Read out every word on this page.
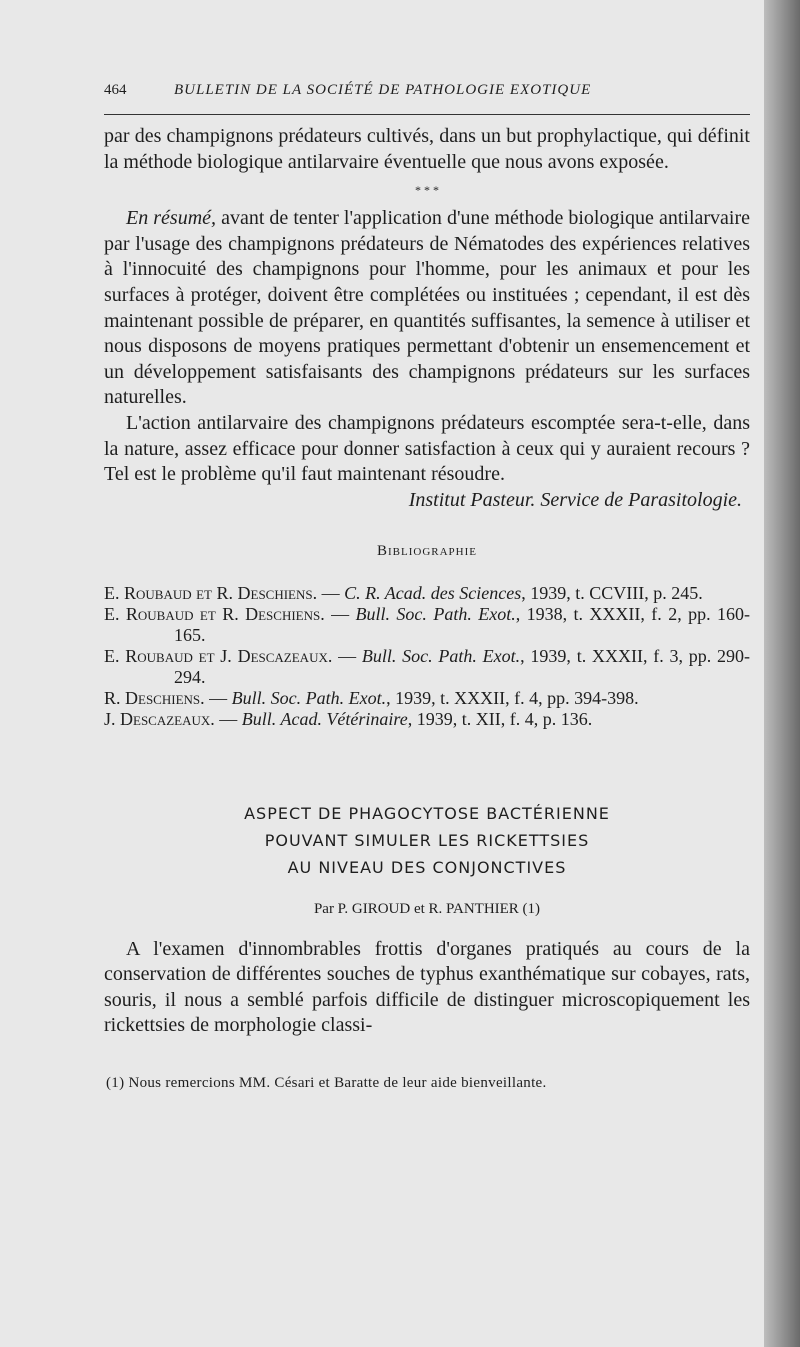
464	BULLETIN DE LA SOCIÉTÉ DE PATHOLOGIE EXOTIQUE

par des champignons prédateurs cultivés, dans un but prophylactique, qui définit la méthode biologique antilarvaire éventuelle que nous avons exposée.

* * *

En résumé, avant de tenter l'application d'une méthode biologique antilarvaire par l'usage des champignons prédateurs de Nématodes des expériences relatives à l'innocuité des champignons pour l'homme, pour les animaux et pour les surfaces à protéger, doivent être complétées ou instituées ; cependant, il est dès maintenant possible de préparer, en quantités suffisantes, la semence à utiliser et nous disposons de moyens pratiques permettant d'obtenir un ensemencement et un développement satisfaisants des champignons prédateurs sur les surfaces naturelles.

L'action antilarvaire des champignons prédateurs escomptée sera-t-elle, dans la nature, assez efficace pour donner satisfaction à ceux qui y auraient recours ? Tel est le problème qu'il faut maintenant résoudre.

Institut Pasteur. Service de Parasitologie.

Bibliographie

E. Roubaud et R. Deschiens. — C. R. Acad. des Sciences, 1939, t. CCVIII, p. 245.

E. Roubaud et R. Deschiens. — Bull. Soc. Path. Exot., 1938, t. XXXII, f. 2, pp. 160-165.

E. Roubaud et J. Descazeaux. — Bull. Soc. Path. Exot., 1939, t. XXXII, f. 3, pp. 290-294.

R. Deschiens. — Bull. Soc. Path. Exot., 1939, t. XXXII, f. 4, pp. 394-398.

J. Descazeaux. — Bull. Acad. Vétérinaire, 1939, t. XII, f. 4, p. 136.

ASPECT DE PHAGOCYTOSE BACTÉRIENNE
POUVANT SIMULER LES RICKETTSIES
AU NIVEAU DES CONJONCTIVES
Par P. GIROUD et R. PANTHIER (1)

A l'examen d'innombrables frottis d'organes pratiqués au cours de la conservation de différentes souches de typhus exanthématique sur cobayes, rats, souris, il nous a semblé parfois difficile de distinguer microscopiquement les rickettsies de morphologie classi-

(1) Nous remercions MM. Césari et Baratte de leur aide bienveillante.
